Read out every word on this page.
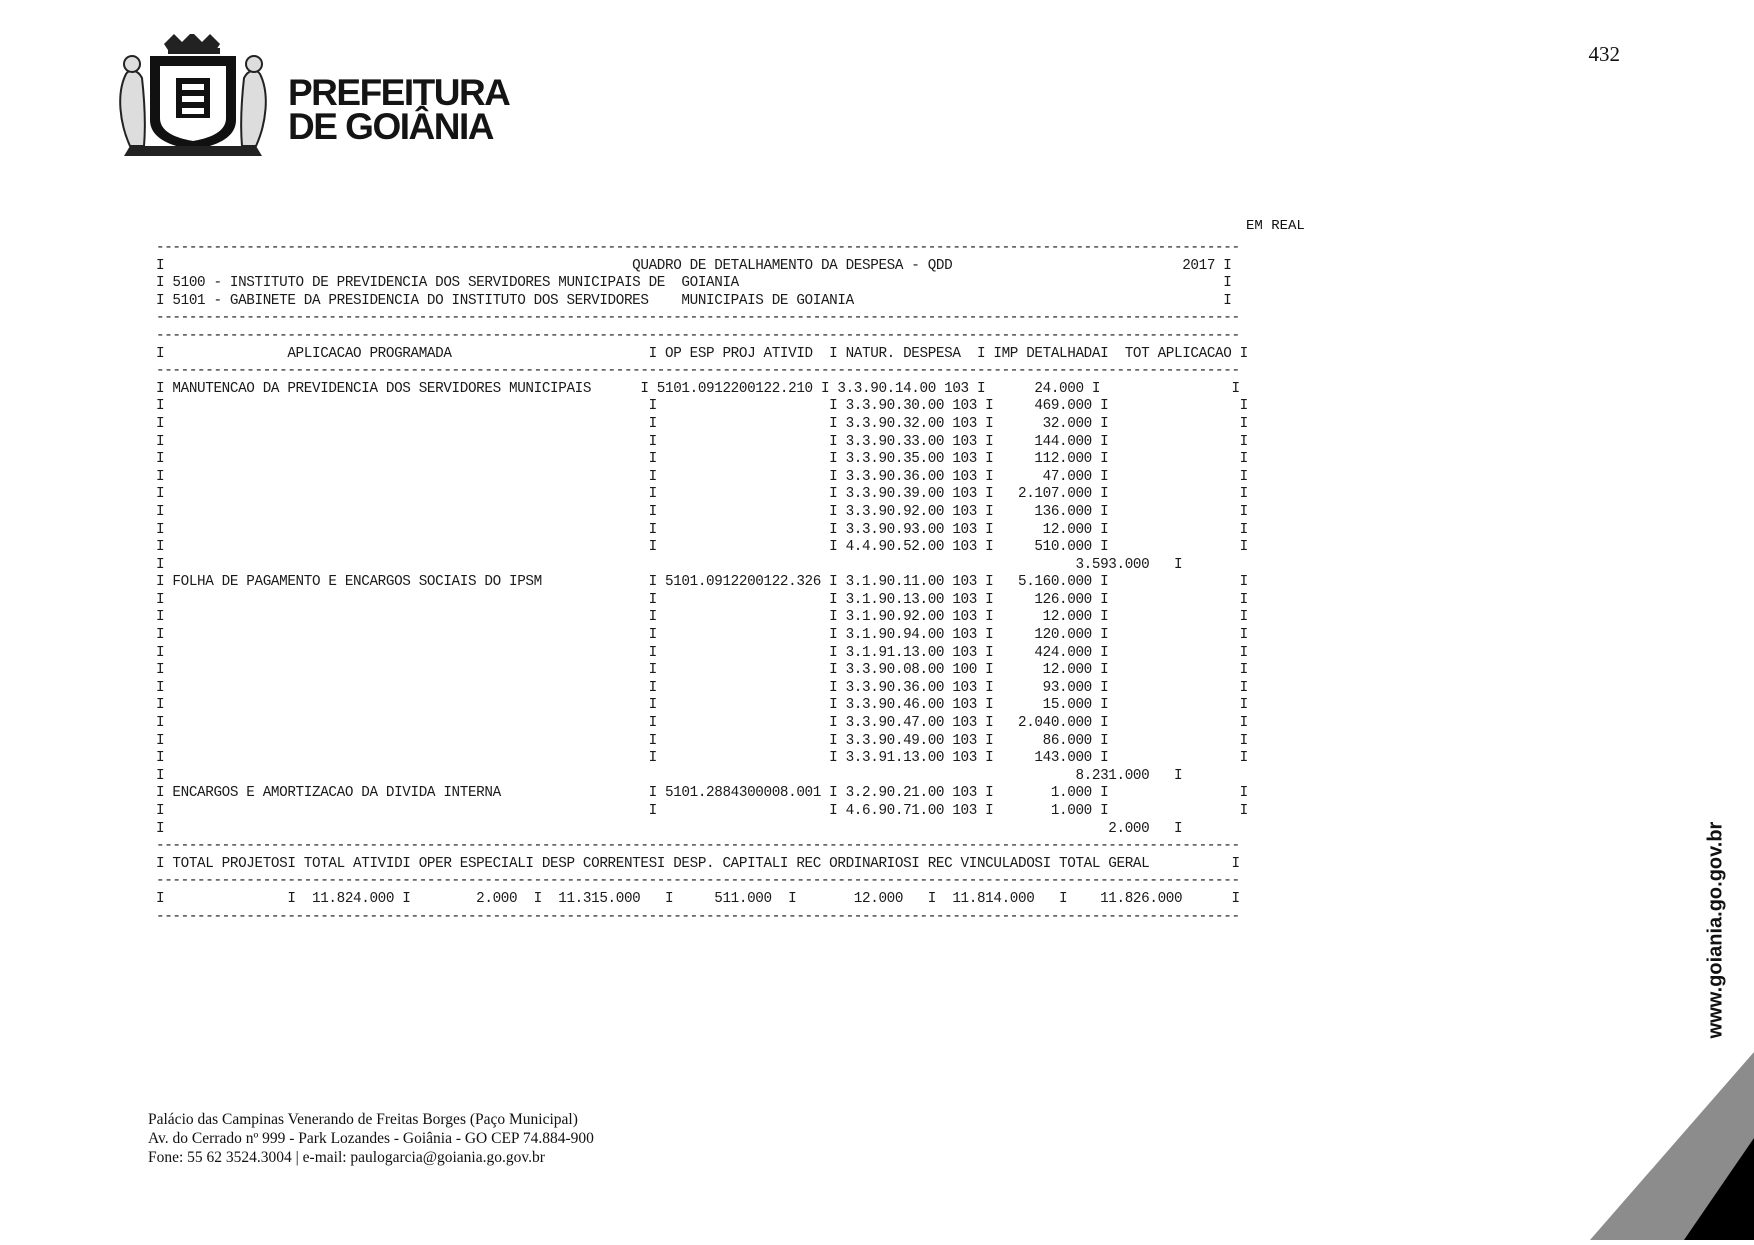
432
PREFEITURA
DE GOIÂNIA
EM REAL
------------------------------------------------------------------------------------------------------------------------------------
I                                                         QUADRO DE DETALHAMENTO DA DESPESA - QDD                            2017 I
I 5100 - INSTITUTO DE PREVIDENCIA DOS SERVIDORES MUNICIPAIS DE  GOIANIA                                                           I
I 5101 - GABINETE DA PRESIDENCIA DO INSTITUTO DOS SERVIDORES    MUNICIPAIS DE GOIANIA                                             I
------------------------------------------------------------------------------------------------------------------------------------
------------------------------------------------------------------------------------------------------------------------------------
I               APLICACAO PROGRAMADA                        I OP ESP PROJ ATIVID  I NATUR. DESPESA  I IMP DETALHADAI  TOT APLICACAO I
------------------------------------------------------------------------------------------------------------------------------------
I MANUTENCAO DA PREVIDENCIA DOS SERVIDORES MUNICIPAIS      I 5101.0912200122.210 I 3.3.90.14.00 103 I      24.000 I                I
I                                                           I                     I 3.3.90.30.00 103 I     469.000 I                I
I                                                           I                     I 3.3.90.32.00 103 I      32.000 I                I
I                                                           I                     I 3.3.90.33.00 103 I     144.000 I                I
I                                                           I                     I 3.3.90.35.00 103 I     112.000 I                I
I                                                           I                     I 3.3.90.36.00 103 I      47.000 I                I
I                                                           I                     I 3.3.90.39.00 103 I   2.107.000 I                I
I                                                           I                     I 3.3.90.92.00 103 I     136.000 I                I
I                                                           I                     I 3.3.90.93.00 103 I      12.000 I                I
I                                                           I                     I 4.4.90.52.00 103 I     510.000 I                I
I                                                                                                               3.593.000   I
I FOLHA DE PAGAMENTO E ENCARGOS SOCIAIS DO IPSM             I 5101.0912200122.326 I 3.1.90.11.00 103 I   5.160.000 I                I
I                                                           I                     I 3.1.90.13.00 103 I     126.000 I                I
I                                                           I                     I 3.1.90.92.00 103 I      12.000 I                I
I                                                           I                     I 3.1.90.94.00 103 I     120.000 I                I
I                                                           I                     I 3.1.91.13.00 103 I     424.000 I                I
I                                                           I                     I 3.3.90.08.00 100 I      12.000 I                I
I                                                           I                     I 3.3.90.36.00 103 I      93.000 I                I
I                                                           I                     I 3.3.90.46.00 103 I      15.000 I                I
I                                                           I                     I 3.3.90.47.00 103 I   2.040.000 I                I
I                                                           I                     I 3.3.90.49.00 103 I      86.000 I                I
I                                                           I                     I 3.3.91.13.00 103 I     143.000 I                I
I                                                                                                               8.231.000   I
I ENCARGOS E AMORTIZACAO DA DIVIDA INTERNA                  I 5101.2884300008.001 I 3.2.90.21.00 103 I       1.000 I                I
I                                                           I                     I 4.6.90.71.00 103 I       1.000 I                I
I                                                                                                                   2.000   I
------------------------------------------------------------------------------------------------------------------------------------
I TOTAL PROJETOSI TOTAL ATIVIDI OPER ESPECIALI DESP CORRENTESI DESP. CAPITALI REC ORDINARIOSI REC VINCULADOSI TOTAL GERAL          I
------------------------------------------------------------------------------------------------------------------------------------
I               I  11.824.000 I        2.000  I  11.315.000   I     511.000  I       12.000   I  11.814.000   I    11.826.000      I
------------------------------------------------------------------------------------------------------------------------------------
Palácio das Campinas Venerando de Freitas Borges (Paço Municipal)
Av. do Cerrado nº 999 - Park Lozandes - Goiânia - GO CEP 74.884-900
Fone: 55 62 3524.3004 | e-mail: paulogarcia@goiania.go.gov.br
www.goiania.go.gov.br
